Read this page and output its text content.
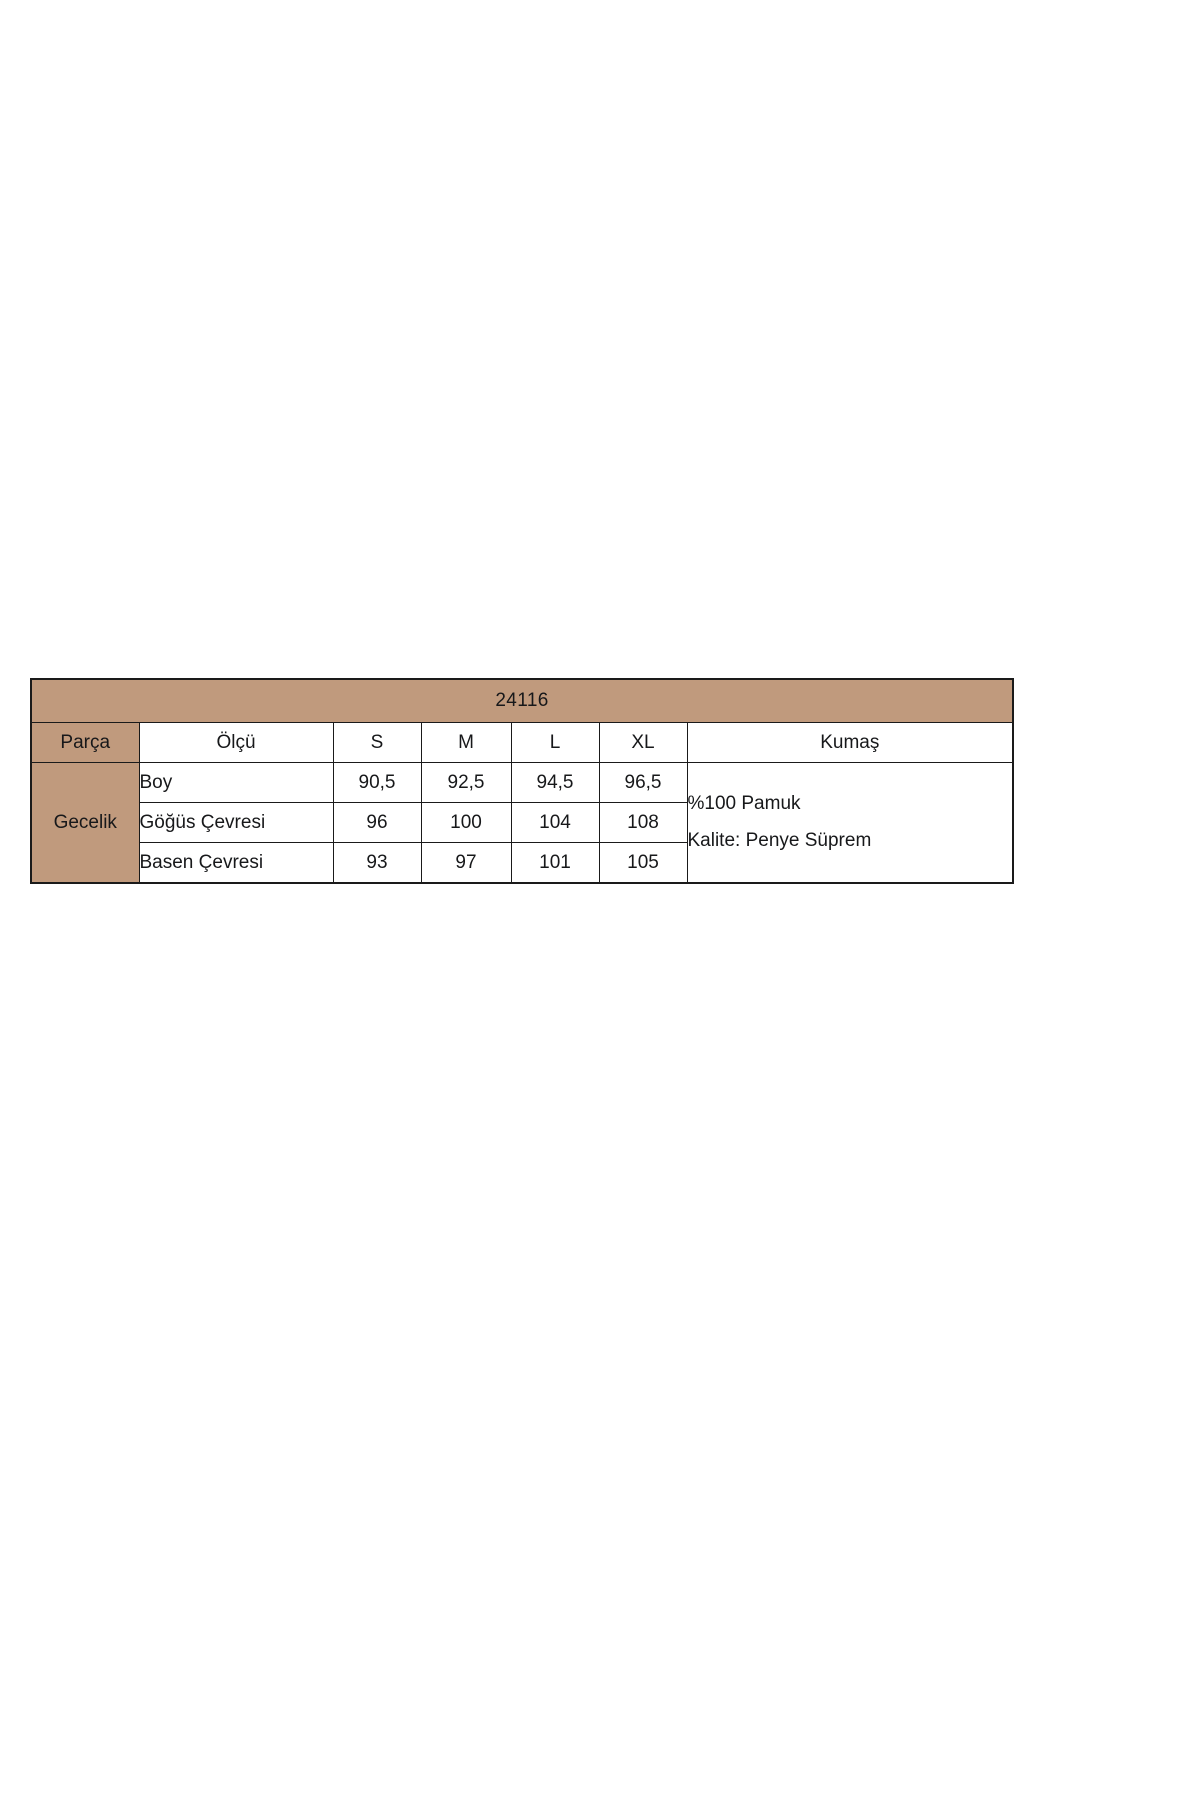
24116						
Parça	Ölçü	S	M	L	XL	Kumaş
Gecelik	Boy	90,5	92,5	94,5	96,5	%100 Pamuk
Kalite: Penye Süprem

	Göğüs Çevresi	96	100	104	108	
	Basen Çevresi	93	97	101	105	
